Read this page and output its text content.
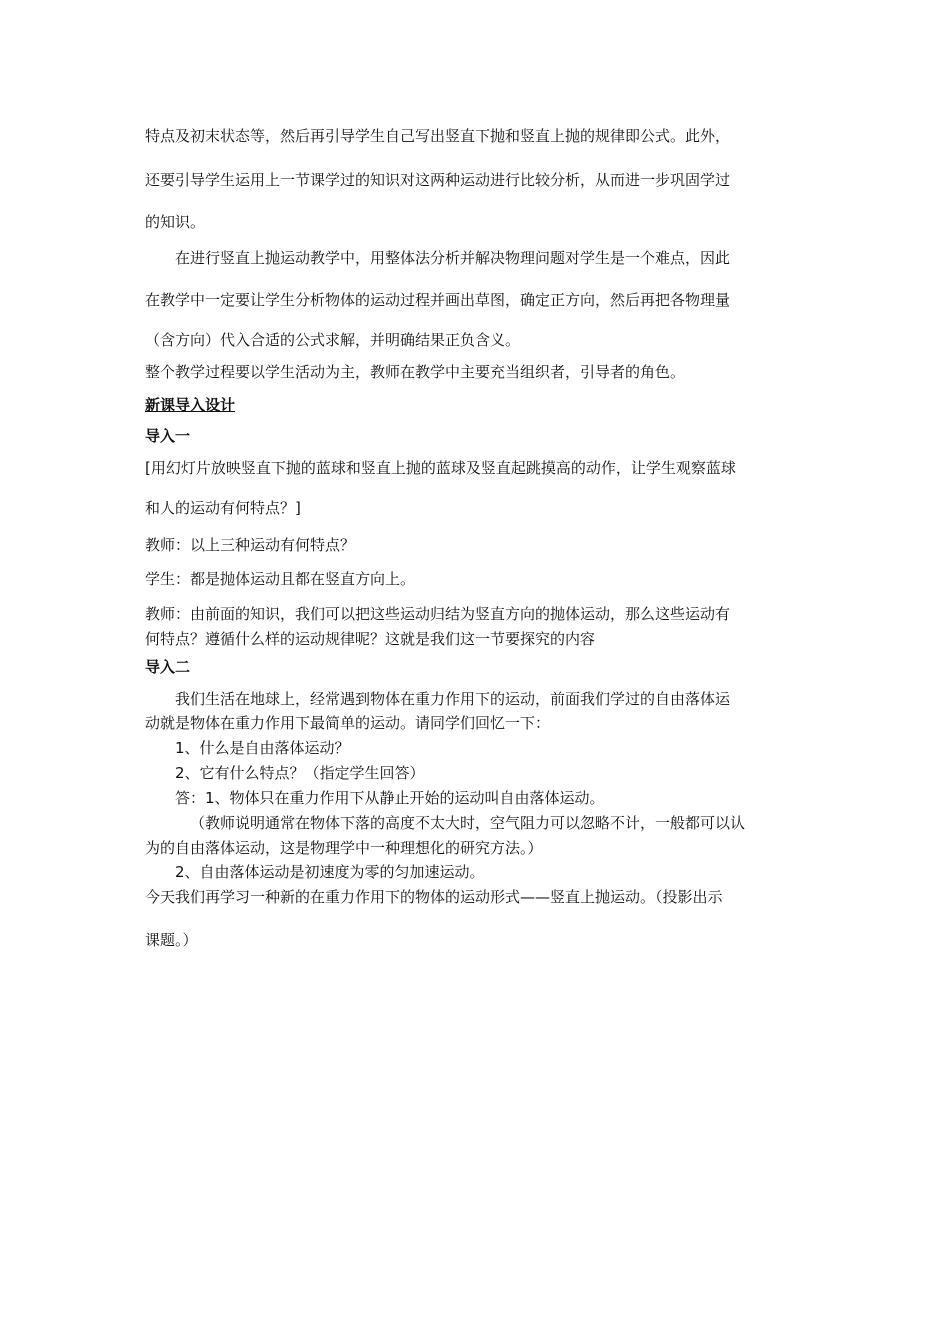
特点及初末状态等，然后再引导学生自己写出竖直下抛和竖直上抛的规律即公式。此外，
还要引导学生运用上一节课学过的知识对这两种运动进行比较分析，从而进一步巩固学过
的知识。
在进行竖直上抛运动教学中，用整体法分析并解决物理问题对学生是一个难点，因此
在教学中一定要让学生分析物体的运动过程并画出草图，确定正方向，然后再把各物理量
（含方向）代入合适的公式求解，并明确结果正负含义。
整个教学过程要以学生活动为主，教师在教学中主要充当组织者，引导者的角色。
新课导入设计
导入一
[用幻灯片放映竖直下抛的蓝球和竖直上抛的蓝球及竖直起跳摸高的动作，让学生观察蓝球
和人的运动有何特点？]
教师：以上三种运动有何特点？
学生：都是抛体运动且都在竖直方向上。
教师：由前面的知识，我们可以把这些运动归结为竖直方向的抛体运动，那么这些运动有
何特点？遵循什么样的运动规律呢？这就是我们这一节要探究的内容
导入二
我们生活在地球上，经常遇到物体在重力作用下的运动，前面我们学过的自由落体运
动就是物体在重力作用下最简单的运动。请同学们回忆一下：
1、什么是自由落体运动？
2、它有什么特点？（指定学生回答）
答：1、物体只在重力作用下从静止开始的运动叫自由落体运动。
（教师说明通常在物体下落的高度不太大时，空气阻力可以忽略不计，一般都可以认
为的自由落体运动，这是物理学中一种理想化的研究方法。）
2、自由落体运动是初速度为零的匀加速运动。
今天我们再学习一种新的在重力作用下的物体的运动形式——竖直上抛运动。（投影出示
课题。）
